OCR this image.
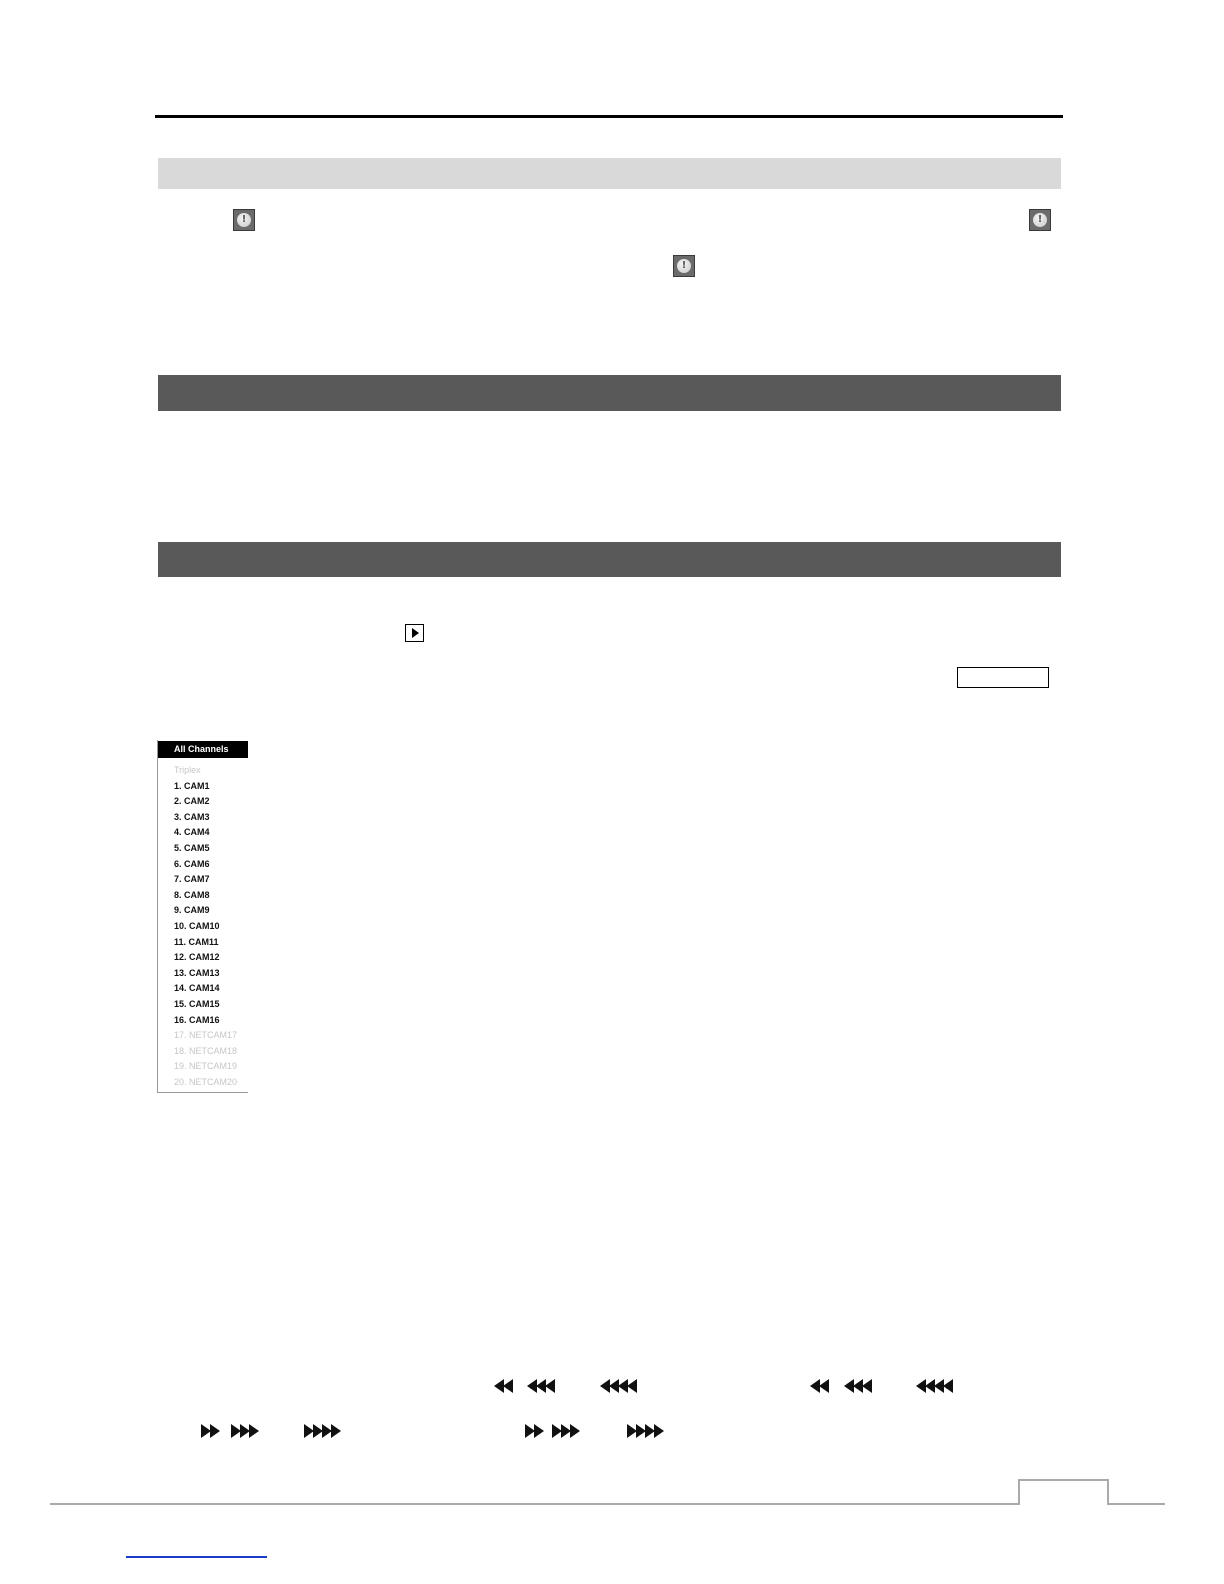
!	!
!
All Channels
Triplex
1. CAM1
2. CAM2
3. CAM3
4. CAM4
5. CAM5
6. CAM6
7. CAM7
8. CAM8
9. CAM9
10. CAM10
11. CAM11
12. CAM12
13. CAM13
14. CAM14
15. CAM15
16. CAM16
17. NETCAM17
18. NETCAM18
19. NETCAM19
20. NETCAM20
